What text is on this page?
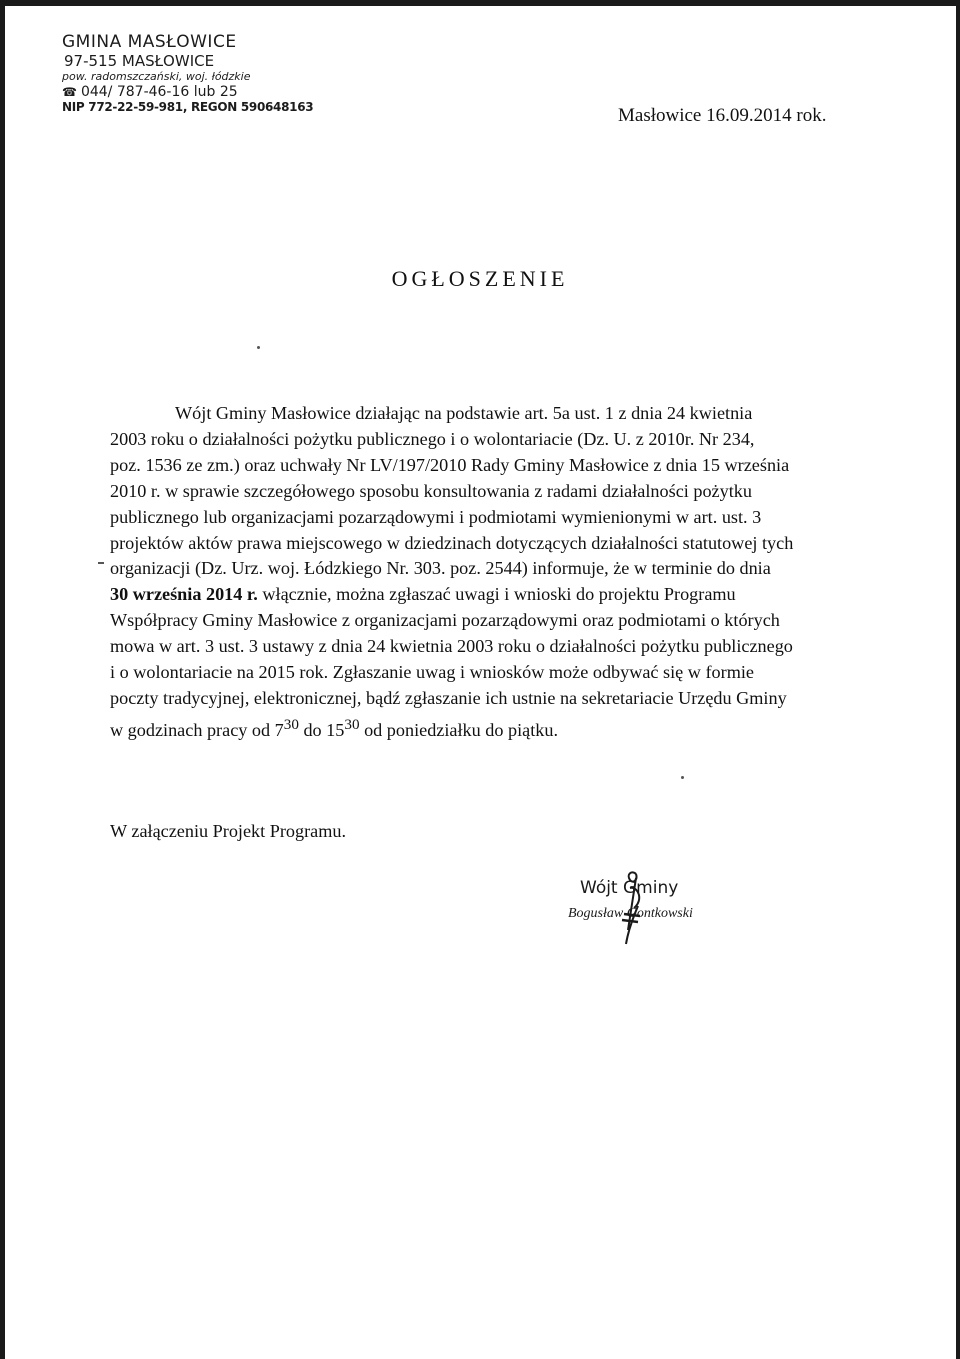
GMINA MASŁOWICE
97-515 MASŁOWICE
pow. radomszczański, woj. łódzkie
☎ 044/ 787-46-16 lub 25
NIP 772-22-59-981, REGON 590648163	Masłowice 16.09.2014 rok.
OGŁOSZENIE
Wójt Gminy Masłowice działając na podstawie art. 5a ust. 1 z dnia 24 kwietnia
2003 roku o działalności pożytku publicznego i o wolontariacie (Dz. U. z 2010r. Nr 234,
poz. 1536 ze zm.) oraz uchwały Nr LV/197/2010 Rady Gminy Masłowice z dnia 15 września
2010 r. w sprawie szczegółowego sposobu konsultowania z radami działalności pożytku
publicznego lub organizacjami pozarządowymi i podmiotami wymienionymi w art. ust. 3
projektów aktów prawa miejscowego w dziedzinach dotyczących działalności statutowej tych
organizacji (Dz. Urz. woj. Łódzkiego Nr. 303. poz. 2544) informuje, że w terminie do dnia
30 września 2014 r. włącznie, można zgłaszać uwagi i wnioski do projektu Programu
Współpracy Gminy Masłowice z organizacjami pozarządowymi oraz podmiotami o których
mowa w art. 3 ust. 3 ustawy z dnia 24 kwietnia 2003 roku o działalności pożytku publicznego
i o wolontariacie na 2015 rok. Zgłaszanie uwag i wniosków może odbywać się w formie
poczty tradycyjnej, elektronicznej, bądź zgłaszanie ich ustnie na sekretariacie Urzędu Gminy
w godzinach pracy od $7^{30}$ do $15^{30}$ od poniedziałku do piątku.
W załączeniu Projekt Programu.
Wójt Gminy
Bogusław Gontkowski
